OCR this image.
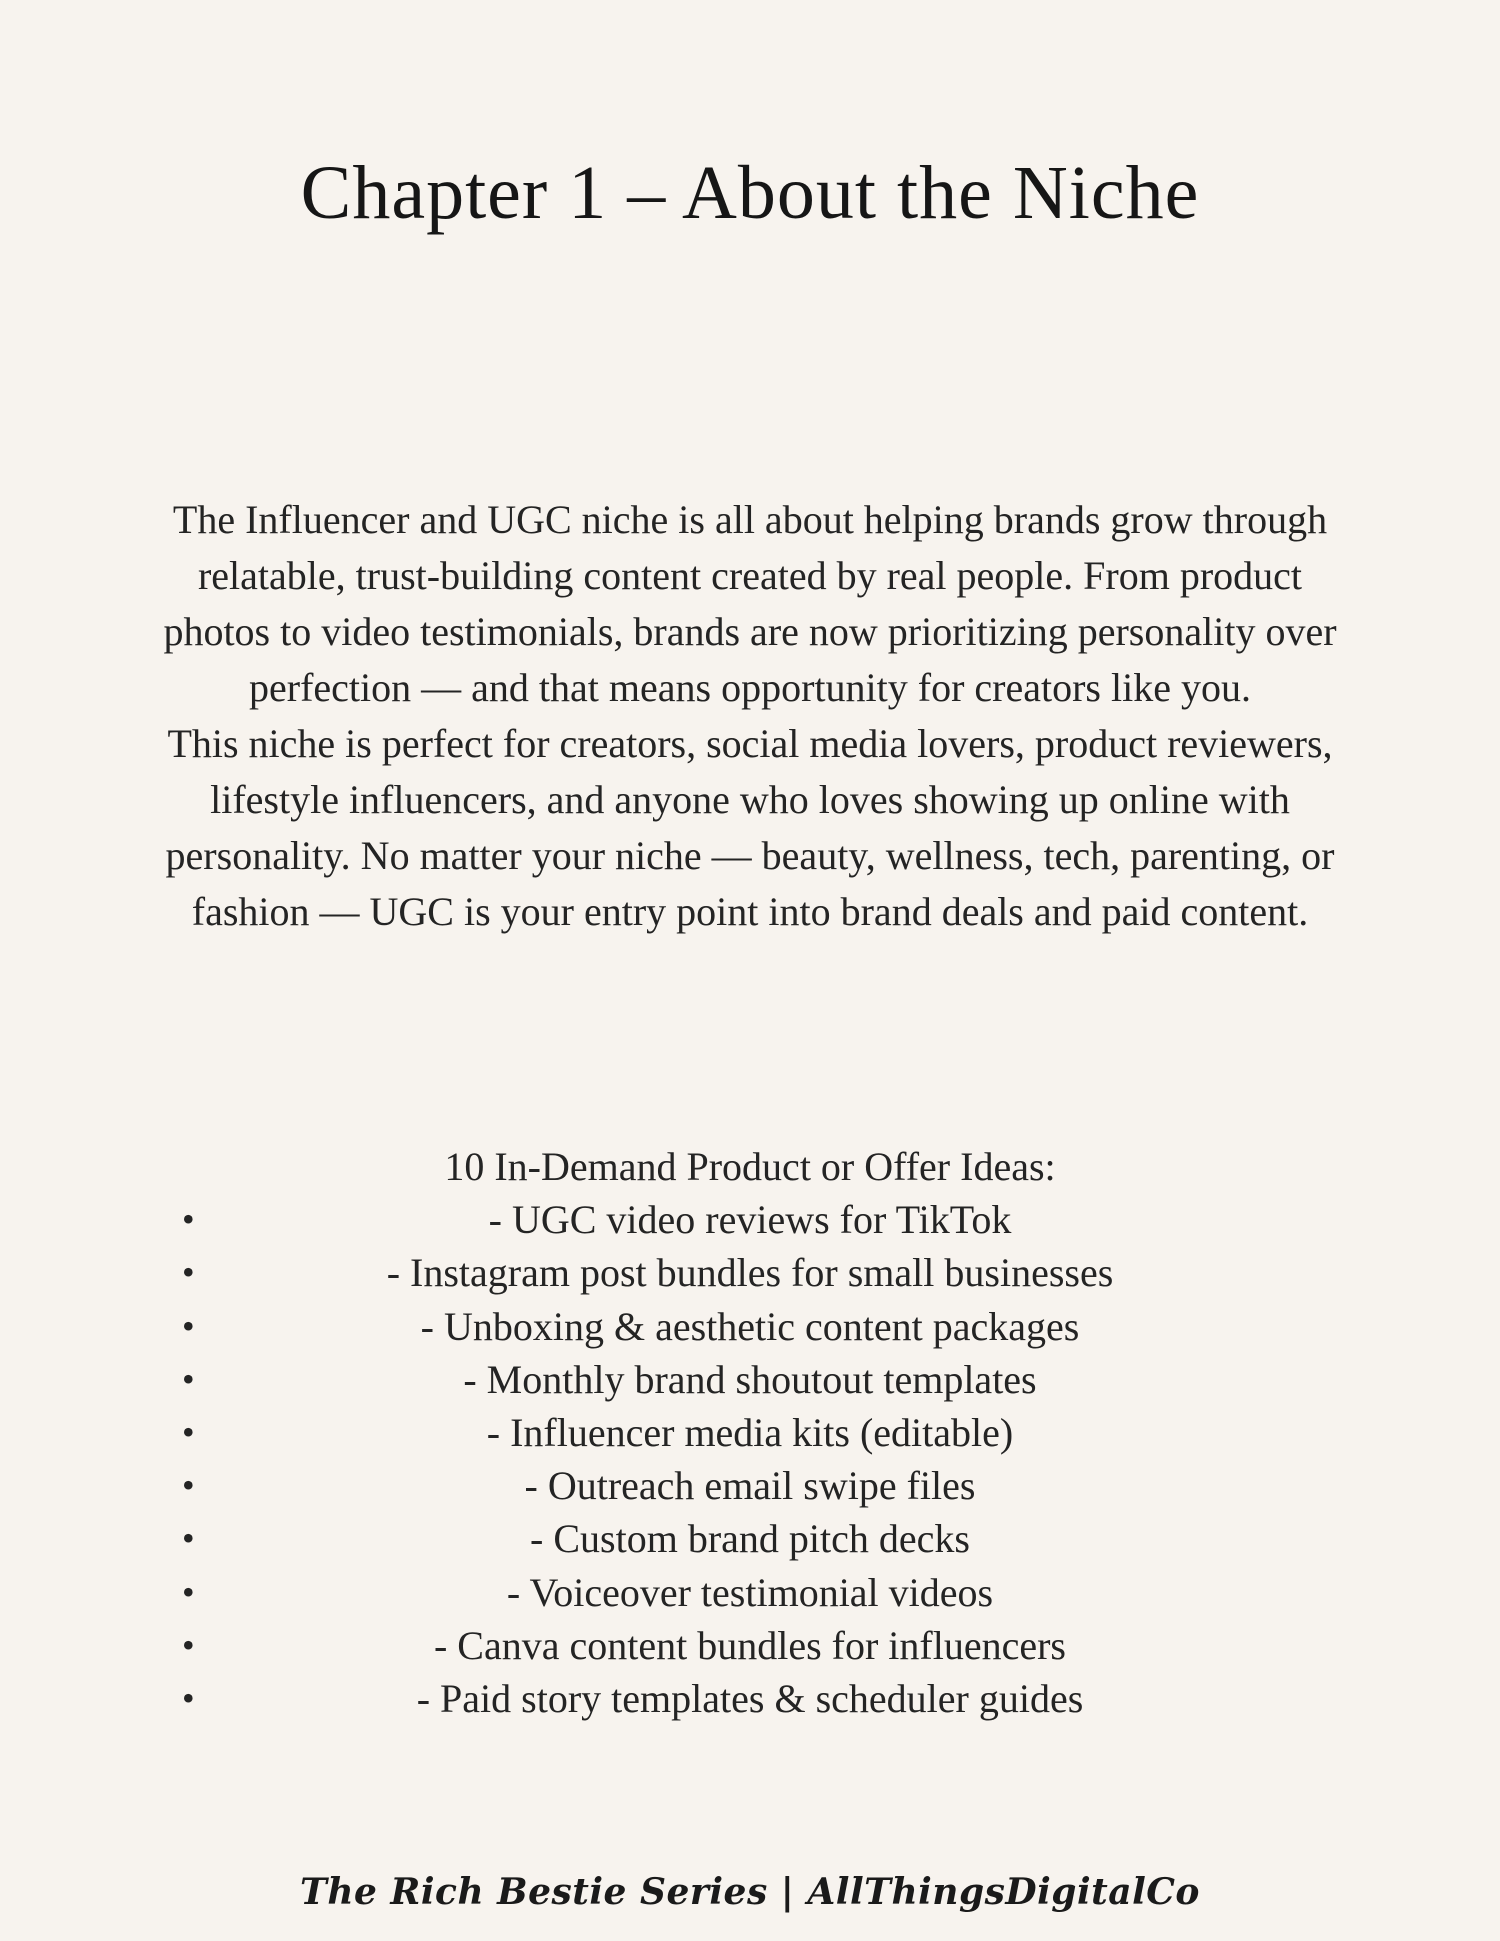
Chapter 1 – About the Niche

The Influencer and UGC niche is all about helping brands grow through relatable, trust-building content created by real people. From product photos to video testimonials, brands are now prioritizing personality over perfection — and that means opportunity for creators like you.

This niche is perfect for creators, social media lovers, product reviewers, lifestyle influencers, and anyone who loves showing up online with personality. No matter your niche — beauty, wellness, tech, parenting, or fashion — UGC is your entry point into brand deals and paid content.

10 In-Demand Product or Offer Ideas:

•	- UGC video reviews for TikTok
•	- Instagram post bundles for small businesses
•	- Unboxing & aesthetic content packages
•	- Monthly brand shoutout templates
•	- Influencer media kits (editable)
•	- Outreach email swipe files
•	- Custom brand pitch decks
•	- Voiceover testimonial videos
•	- Canva content bundles for influencers
•	- Paid story templates & scheduler guides
The Rich Bestie Series | AllThingsDigitalCo
